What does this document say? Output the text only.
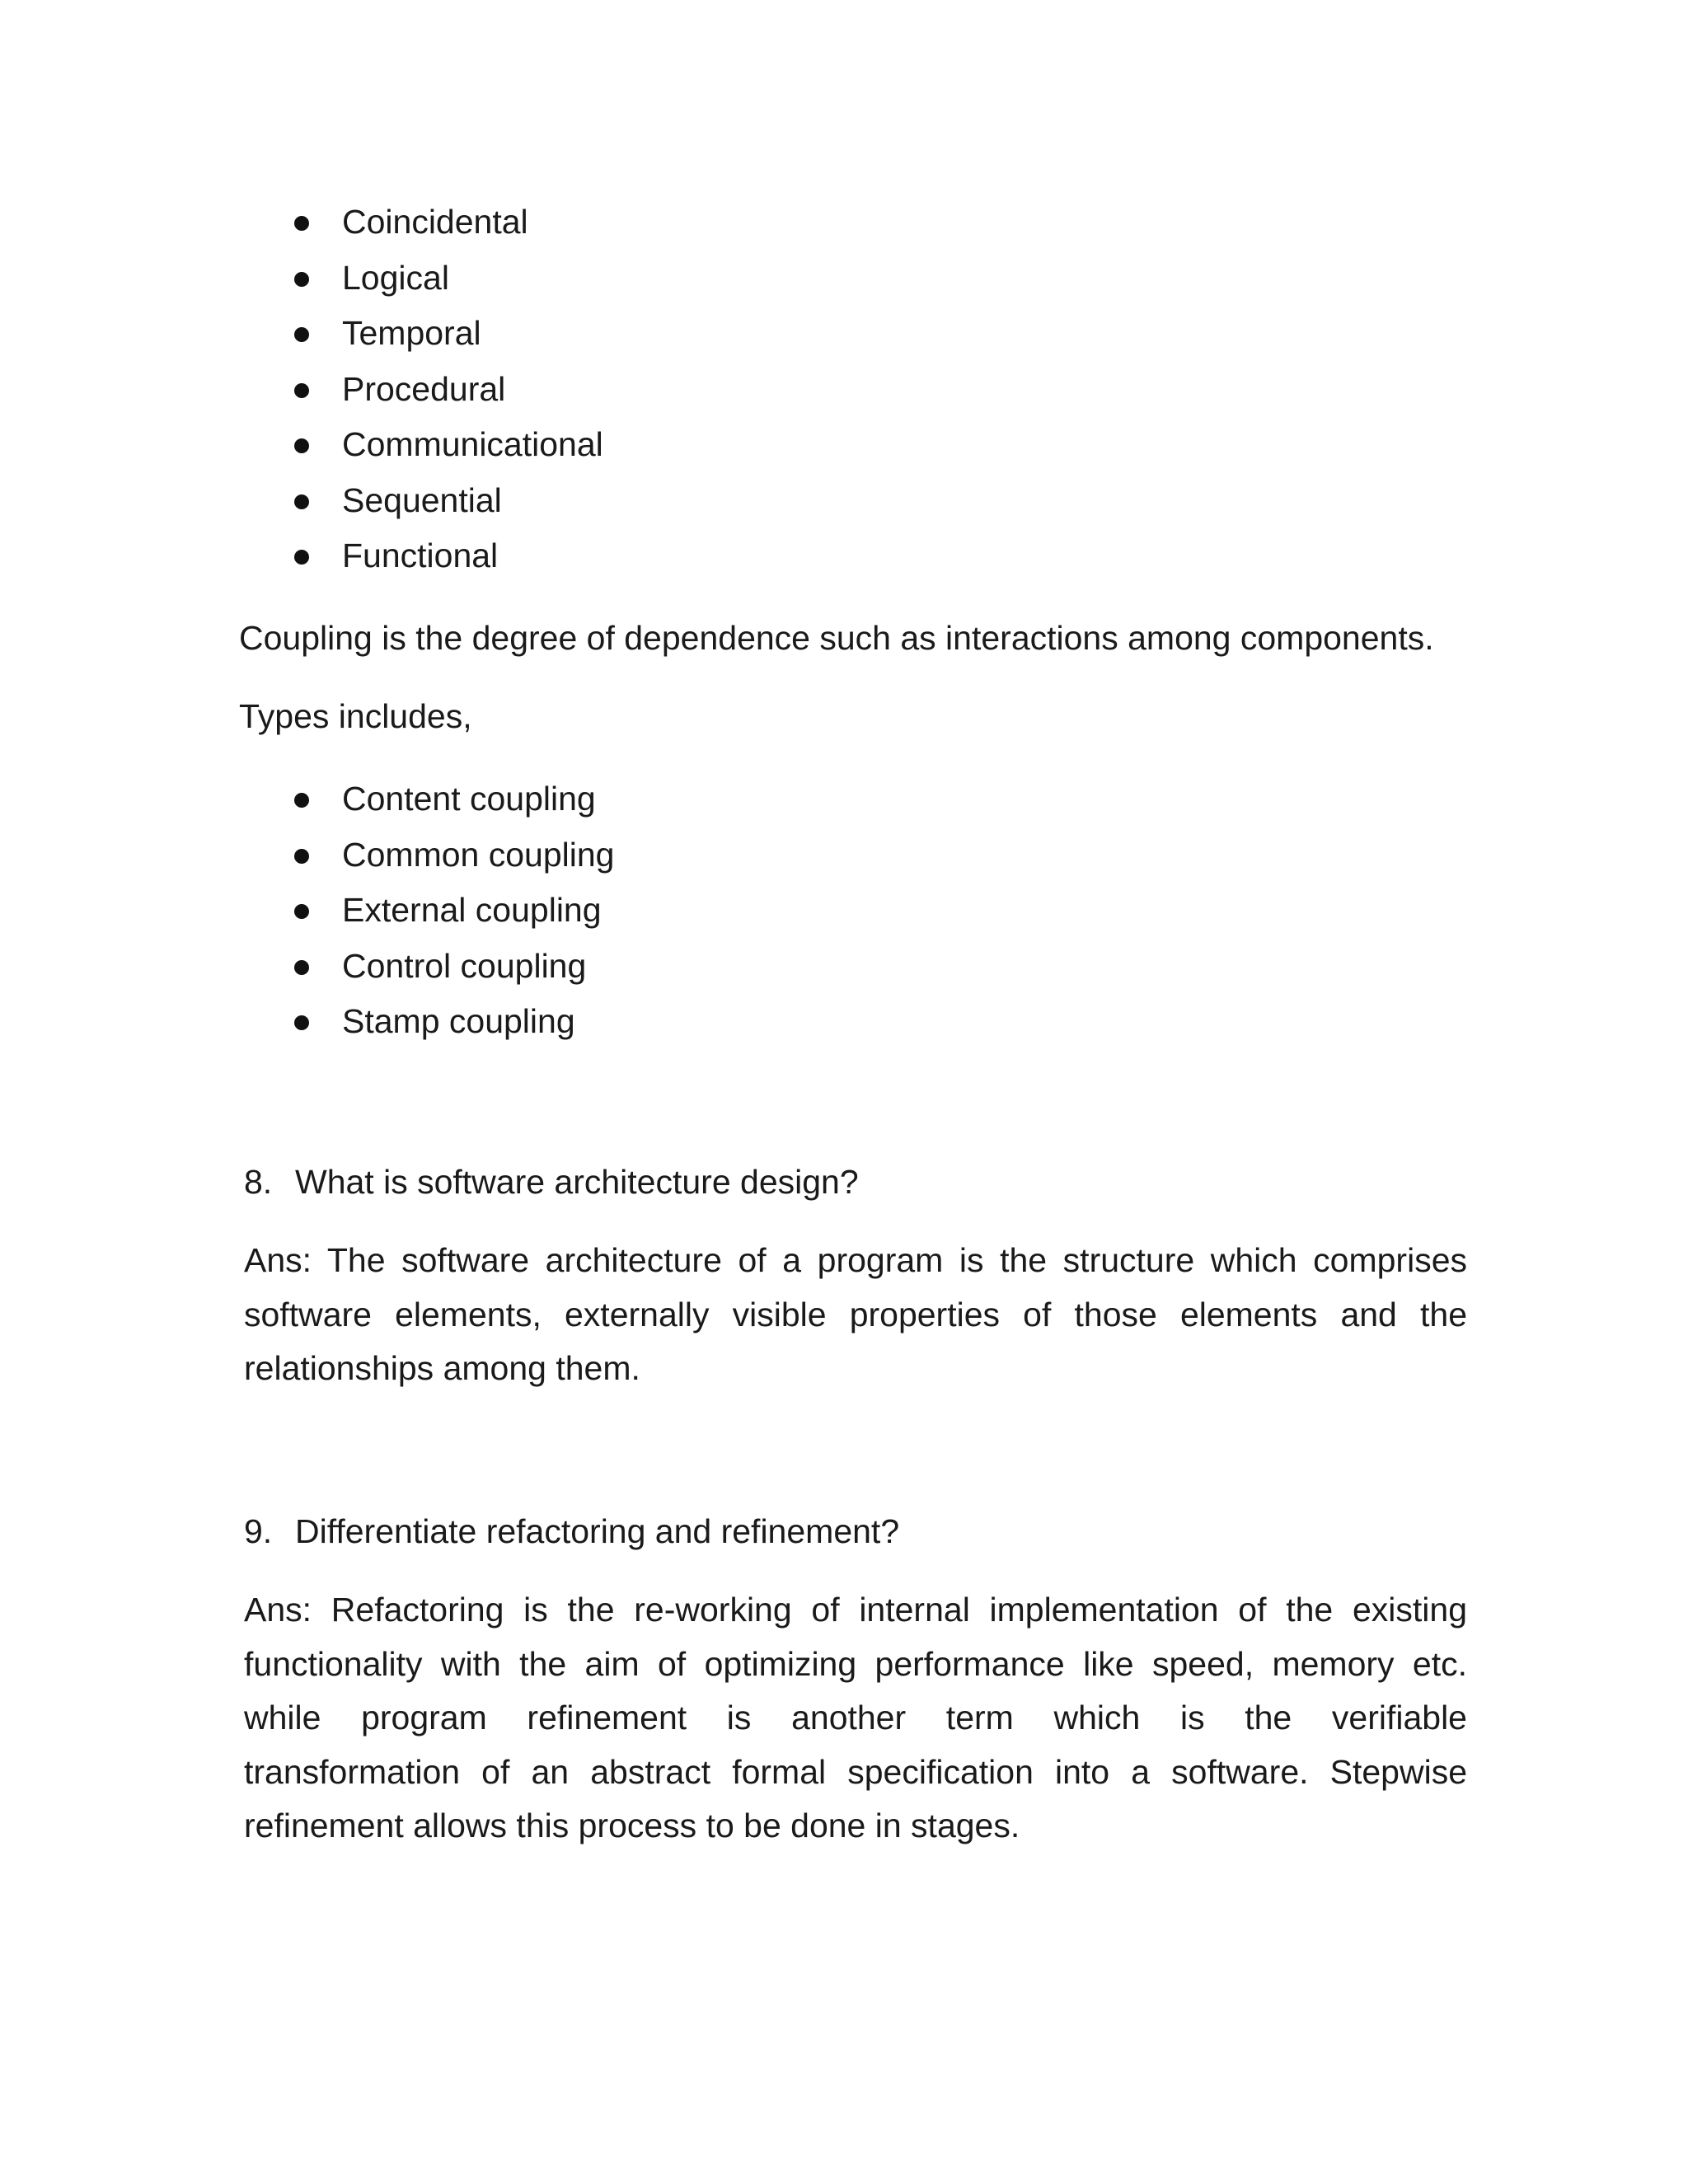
Coincidental
Logical
Temporal
Procedural
Communicational
Sequential
Functional

Coupling is the degree of dependence such as interactions among components.

Types includes,

Content coupling
Common coupling
External coupling
Control coupling
Stamp coupling

8. What is software architecture design?

Ans: The software architecture of a program is the structure which comprises
software elements, externally visible properties of those elements and the
relationships among them.

9. Differentiate refactoring and refinement?

Ans: Refactoring is the re-working of internal implementation of the existing
functionality with the aim of optimizing performance like speed, memory etc.
while program refinement is another term which is the verifiable
transformation of an abstract formal specification into a software. Stepwise
refinement allows this process to be done in stages.
